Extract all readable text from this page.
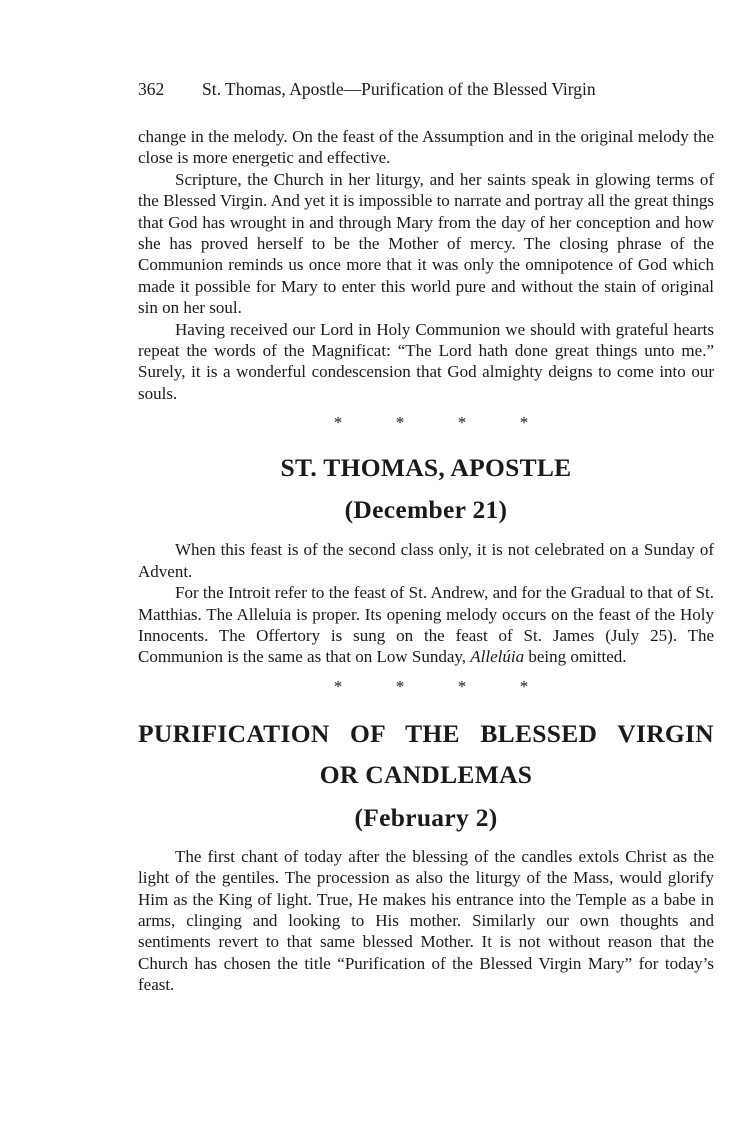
362 St. Thomas, Apostle—Purification of the Blessed Virgin

change in the melody. On the feast of the Assumption and in the original melody the close is more energetic and effective.

Scripture, the Church in her liturgy, and her saints speak in glowing terms of the Blessed Virgin. And yet it is impossible to narrate and portray all the great things that God has wrought in and through Mary from the day of her conception and how she has proved herself to be the Mother of mercy. The closing phrase of the Communion reminds us once more that it was only the omnipotence of God which made it possible for Mary to enter this world pure and without the stain of original sin on her soul.

Having received our Lord in Holy Communion we should with grateful hearts repeat the words of the Magnificat: “The Lord hath done great things unto me.” Surely, it is a wonderful condescension that God almighty deigns to come into our souls.

*	*	*	*
ST. THOMAS, APOSTLE
(December 21)

When this feast is of the second class only, it is not celebrated on a Sunday of Advent.

For the Introit refer to the feast of St. Andrew, and for the Gradual to that of St. Matthias. The Alleluia is proper. Its opening melody occurs on the feast of the Holy Innocents. The Offertory is sung on the feast of St. James (July 25). The Communion is the same as that on Low Sunday, Allelúia being omitted.

*	*	*	*
PURIFICATION OF THE BLESSED VIRGIN
OR CANDLEMAS
(February 2)

The first chant of today after the blessing of the candles extols Christ as the light of the gentiles. The procession as also the liturgy of the Mass, would glorify Him as the King of light. True, He makes his entrance into the Temple as a babe in arms, clinging and looking to His mother. Similarly our own thoughts and sentiments revert to that same blessed Mother. It is not without reason that the Church has chosen the title “Purification of the Blessed Virgin Mary” for today’s feast.
